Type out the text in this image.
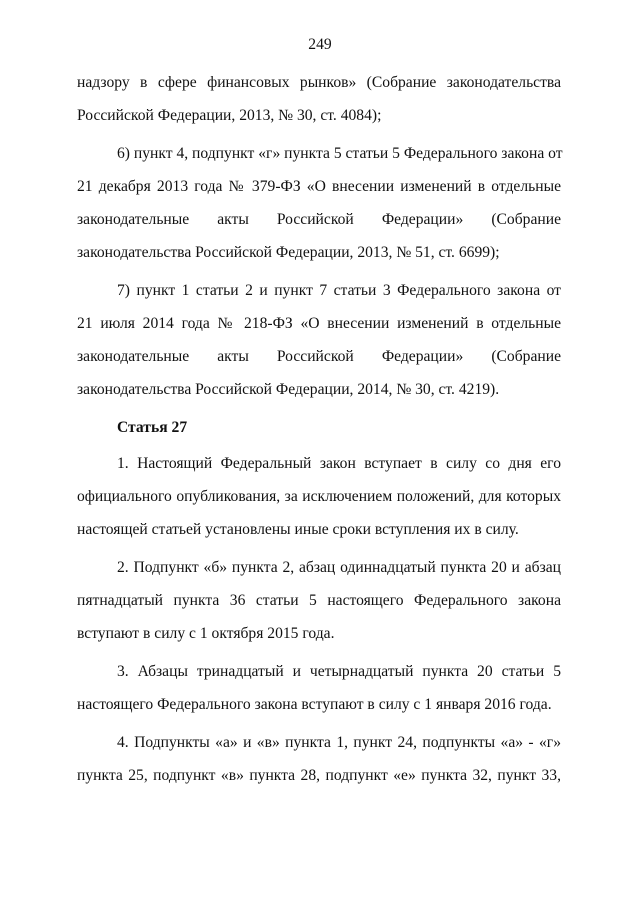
249
надзору в сфере финансовых рынков» (Собрание законодательства
Российской Федерации, 2013, № 30, ст. 4084);
6) пункт 4, подпункт «г» пункта 5 статьи 5 Федерального закона от
21 декабря 2013 года № 379-ФЗ «О внесении изменений в отдельные
законодательные акты Российской Федерации» (Собрание
законодательства Российской Федерации, 2013, № 51, ст. 6699);
7) пункт 1 статьи 2 и пункт 7 статьи 3 Федерального закона от
21 июля 2014 года № 218-ФЗ «О внесении изменений в отдельные
законодательные акты Российской Федерации» (Собрание
законодательства Российской Федерации, 2014, № 30, ст. 4219).
Статья 27
1. Настоящий Федеральный закон вступает в силу со дня его
официального опубликования, за исключением положений, для которых
настоящей статьей установлены иные сроки вступления их в силу.
2. Подпункт «б» пункта 2, абзац одиннадцатый пункта 20 и абзац
пятнадцатый пункта 36 статьи 5 настоящего Федерального закона
вступают в силу с 1 октября 2015 года.
3. Абзацы тринадцатый и четырнадцатый пункта 20 статьи 5
настоящего Федерального закона вступают в силу с 1 января 2016 года.
4. Подпункты «а» и «в» пункта 1, пункт 24, подпункты «а» - «г»
пункта 25, подпункт «в» пункта 28, подпункт «е» пункта 32, пункт 33,
